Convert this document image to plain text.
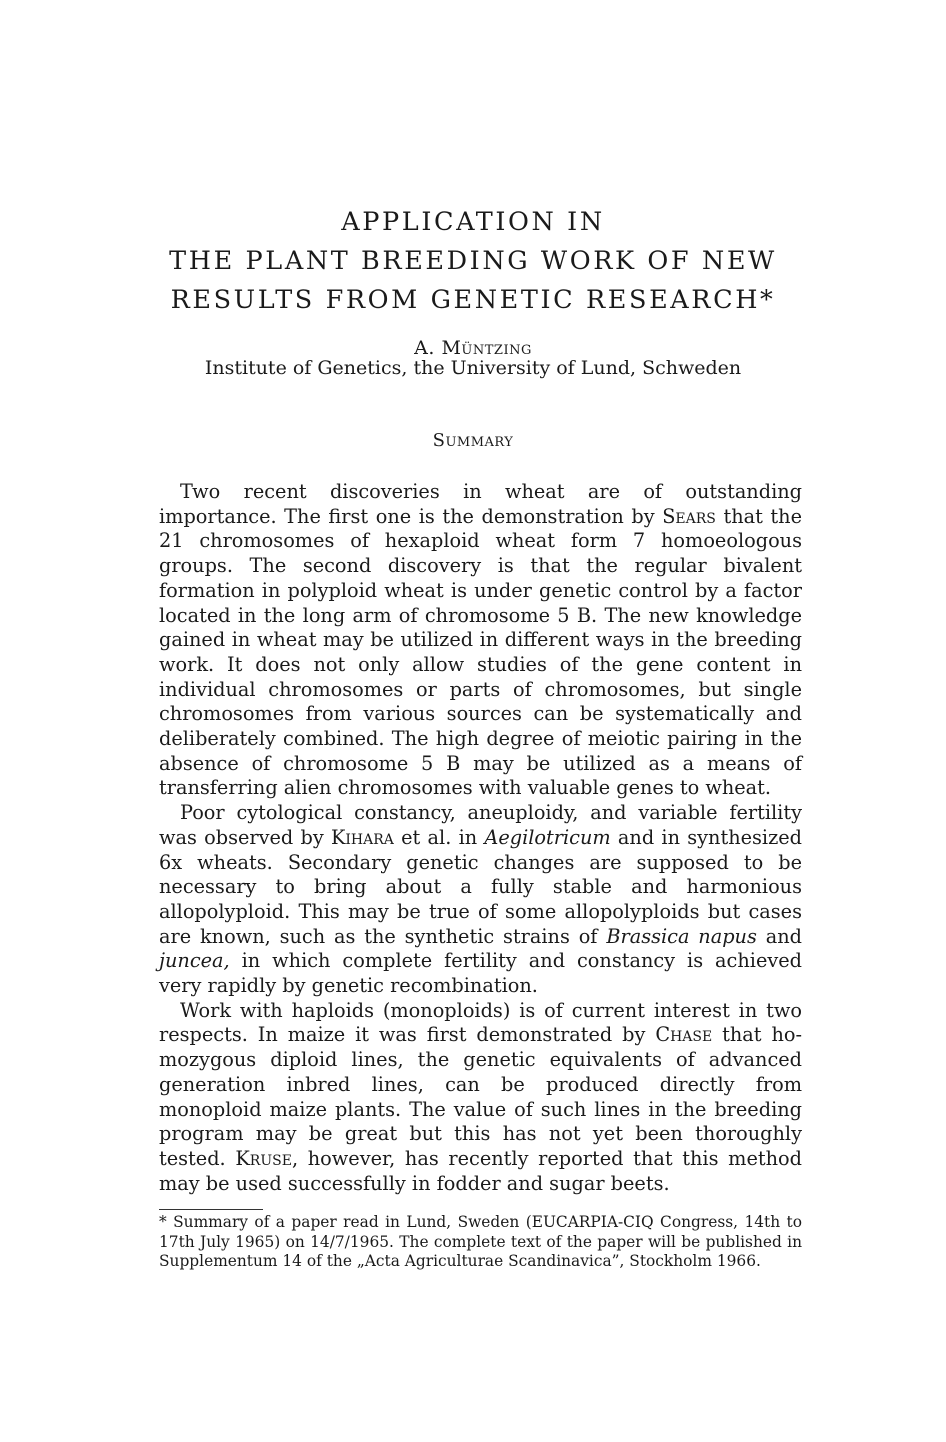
APPLICATION IN
THE PLANT BREEDING WORK OF NEW
RESULTS FROM GENETIC RESEARCH*
A. Müntzing
Institute of Genetics, the University of Lund, Schweden
Summary

Two recent discoveries in wheat are of outstanding importance. The first one is the demonstration by Sears that the 21 chromosomes of hexaploid wheat form 7 homoeologous groups. The second discovery is that the regular bivalent formation in polyploid wheat is under genetic control by a factor located in the long arm of chromosome 5 B. The new knowledge gained in wheat may be utilized in different ways in the breeding work. It does not only allow studies of the gene content in individual chromosomes or parts of chromosomes, but single chromosomes from various sources can be systematically and deliberately combined. The high degree of meiotic pairing in the absence of chromosome 5 B may be utilized as a means of transferring alien chromosomes with valuable genes to wheat.

Poor cytological constancy, aneuploidy, and variable fertility was observed by Kihara et al. in Aegilotricum and in synthesized 6x wheats. Secondary genetic changes are supposed to be necessary to bring about a fully stable and harmonious allopolyploid. This may be true of some allopolyploids but cases are known, such as the synthetic strains of Brassica napus and juncea, in which complete fertility and constancy is achieved very rapidly by genetic recombination.

Work with haploids (monoploids) is of current interest in two respects. In maize it was first demonstrated by Chase that homozygous diploid lines, the genetic equivalents of advanced generation inbred lines, can be produced directly from monoploid maize plants. The value of such lines in the breeding program may be great but this has not yet been thoroughly tested. Kruse, however, has recently reported that this method may be used successfully in fodder and sugar beets.

* Summary of a paper read in Lund, Sweden (EUCARPIA-CIQ Congress, 14th to 17th July 1965) on 14/7/1965. The complete text of the paper will be published in Supplementum 14 of the „Acta Agriculturae Scandinavica”, Stockholm 1966.
